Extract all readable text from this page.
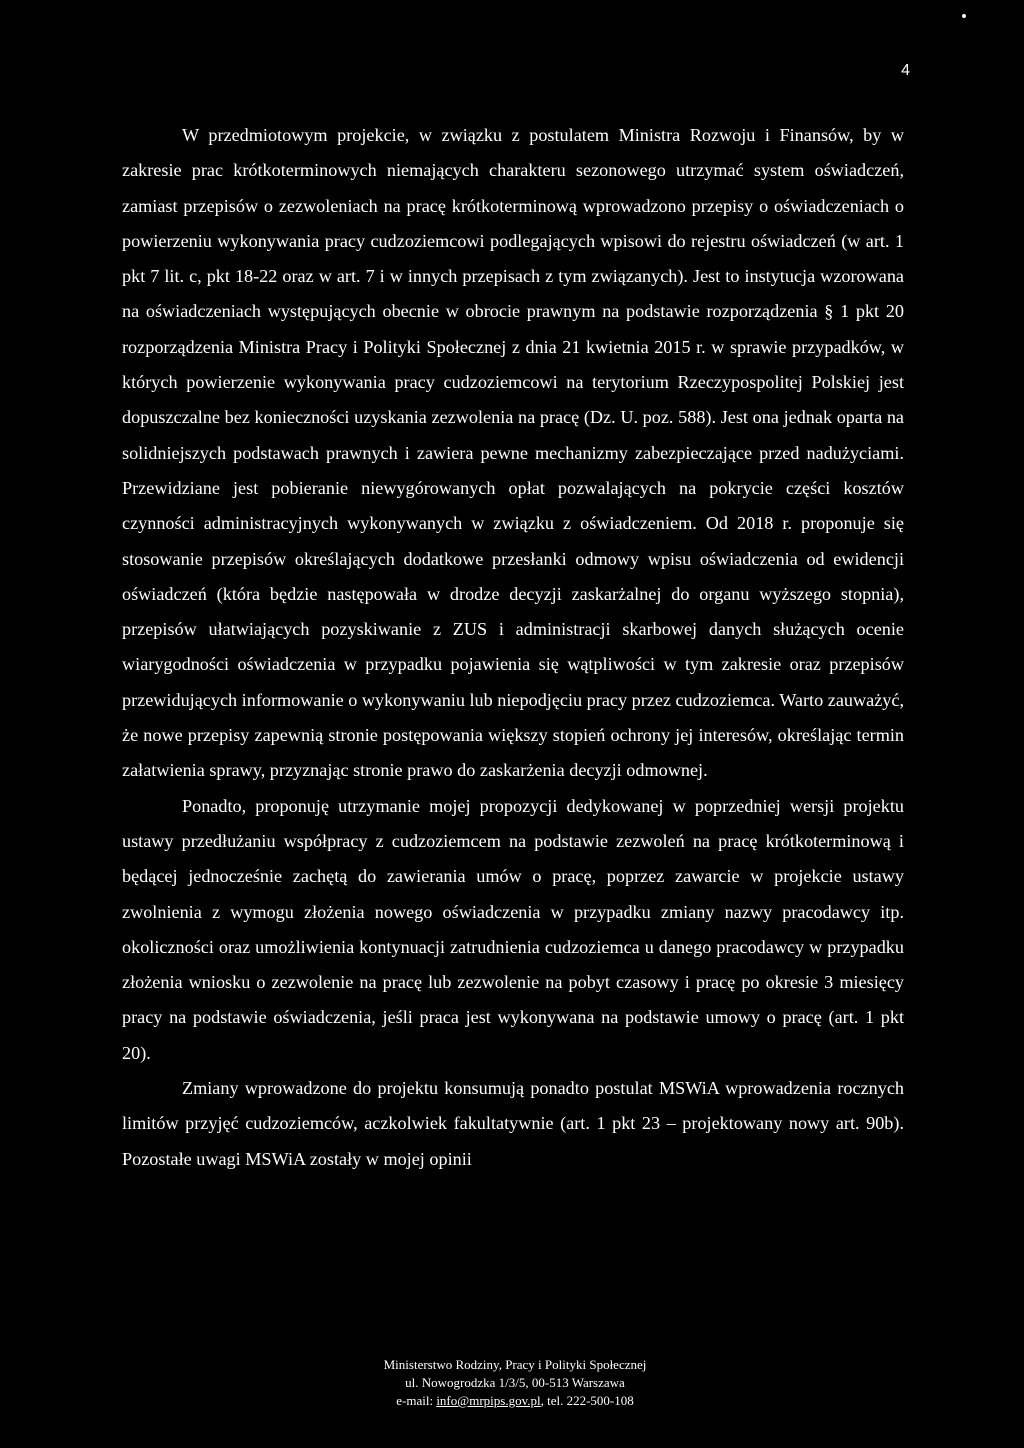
4

W przedmiotowym projekcie, w związku z postulatem Ministra Rozwoju i Finansów, by w zakresie prac krótkoterminowych niemających charakteru sezonowego utrzymać system oświadczeń, zamiast przepisów o zezwoleniach na pracę krótkoterminową wprowadzono przepisy o oświadczeniach o powierzeniu wykonywania pracy cudzoziemcowi podlegających wpisowi do rejestru oświadczeń (w art. 1 pkt 7 lit. c, pkt 18-22 oraz w art. 7 i w innych przepisach z tym związanych). Jest to instytucja wzorowana na oświadczeniach występujących obecnie w obrocie prawnym na podstawie rozporządzenia § 1 pkt 20 rozporządzenia Ministra Pracy i Polityki Społecznej z dnia 21 kwietnia 2015 r. w sprawie przypadków, w których powierzenie wykonywania pracy cudzoziemcowi na terytorium Rzeczypospolitej Polskiej jest dopuszczalne bez konieczności uzyskania zezwolenia na pracę (Dz. U. poz. 588). Jest ona jednak oparta na solidniejszych podstawach prawnych i zawiera pewne mechanizmy zabezpieczające przed nadużyciami. Przewidziane jest pobieranie niewygórowanych opłat pozwalających na pokrycie części kosztów czynności administracyjnych wykonywanych w związku z oświadczeniem. Od 2018 r. proponuje się stosowanie przepisów określających dodatkowe przesłanki odmowy wpisu oświadczenia od ewidencji oświadczeń (która będzie następowała w drodze decyzji zaskarżalnej do organu wyższego stopnia), przepisów ułatwiających pozyskiwanie z ZUS i administracji skarbowej danych służących ocenie wiarygodności oświadczenia w przypadku pojawienia się wątpliwości w tym zakresie oraz przepisów przewidujących informowanie o wykonywaniu lub niepodjęciu pracy przez cudzoziemca. Warto zauważyć, że nowe przepisy zapewnią stronie postępowania większy stopień ochrony jej interesów, określając termin załatwienia sprawy, przyznając stronie prawo do zaskarżenia decyzji odmownej.

Ponadto, proponuję utrzymanie mojej propozycji dedykowanej w poprzedniej wersji projektu ustawy przedłużaniu współpracy z cudzoziemcem na podstawie zezwoleń na pracę krótkoterminową i będącej jednocześnie zachętą do zawierania umów o pracę, poprzez zawarcie w projekcie ustawy zwolnienia z wymogu złożenia nowego oświadczenia w przypadku zmiany nazwy pracodawcy itp. okoliczności oraz umożliwienia kontynuacji zatrudnienia cudzoziemca u danego pracodawcy w przypadku złożenia wniosku o zezwolenie na pracę lub zezwolenie na pobyt czasowy i pracę po okresie 3 miesięcy pracy na podstawie oświadczenia, jeśli praca jest wykonywana na podstawie umowy o pracę (art. 1 pkt 20).

Zmiany wprowadzone do projektu konsumują ponadto postulat MSWiA wprowadzenia rocznych limitów przyjęć cudzoziemców, aczkolwiek fakultatywnie (art. 1 pkt 23 – projektowany nowy art. 90b). Pozostałe uwagi MSWiA zostały w mojej opinii

Ministerstwo Rodziny, Pracy i Polityki Społecznej
ul. Nowogrodzka 1/3/5, 00-513 Warszawa
e-mail: info@mrpips.gov.pl, tel. 222-500-108
